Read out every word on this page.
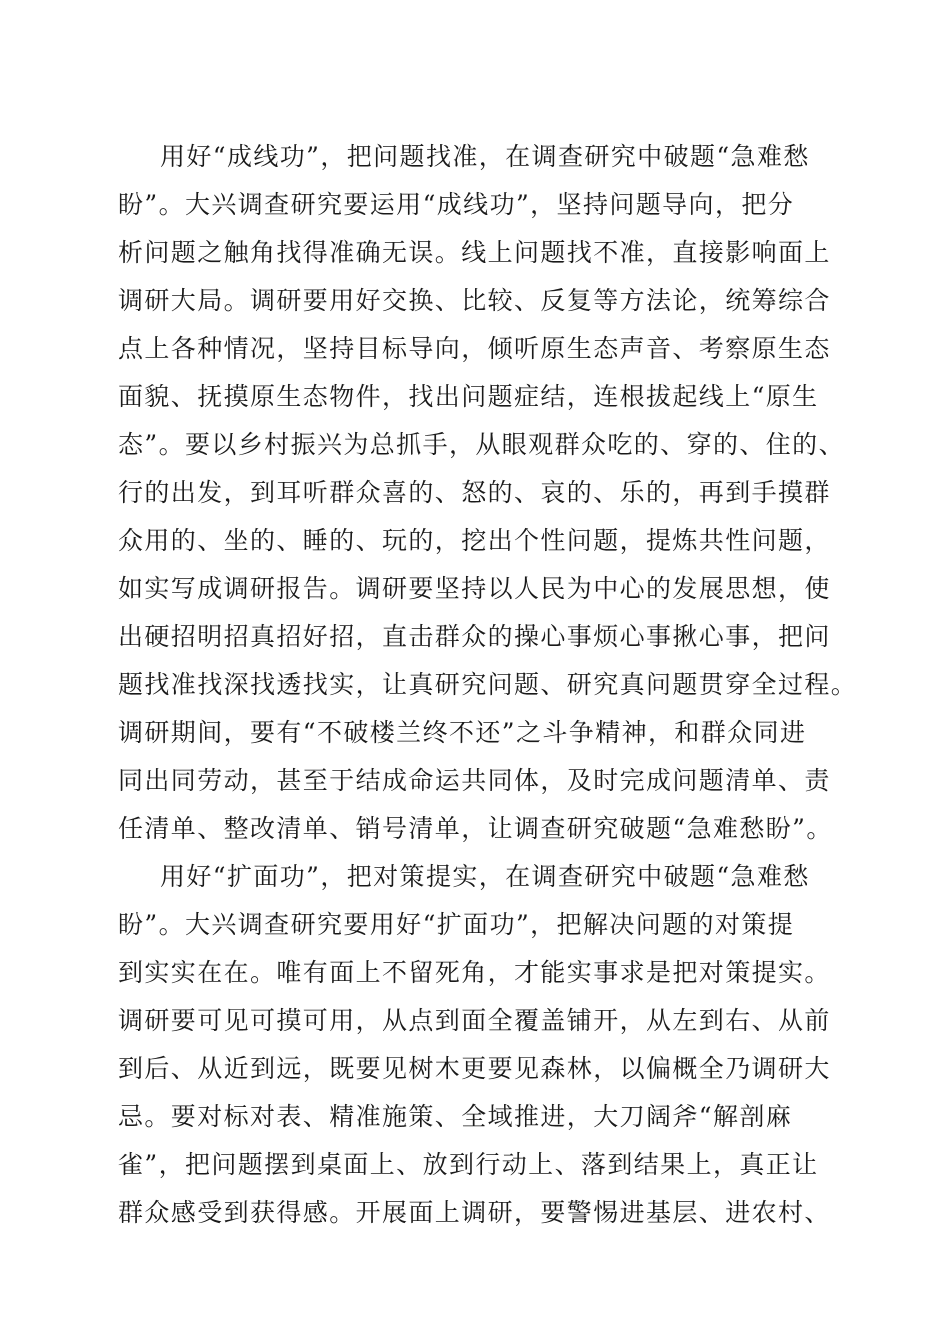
用好“成线功”，把问题找准，在调查研究中破题“急难愁
盼”。大兴调查研究要运用“成线功”，坚持问题导向，把分
析问题之触角找得准确无误。线上问题找不准，直接影响面上
调研大局。调研要用好交换、比较、反复等方法论，统筹综合
点上各种情况，坚持目标导向，倾听原生态声音、考察原生态
面貌、抚摸原生态物件，找出问题症结，连根拔起线上“原生
态”。要以乡村振兴为总抓手，从眼观群众吃的、穿的、住的、
行的出发，到耳听群众喜的、怒的、哀的、乐的，再到手摸群
众用的、坐的、睡的、玩的，挖出个性问题，提炼共性问题，
如实写成调研报告。调研要坚持以人民为中心的发展思想，使
出硬招明招真招好招，直击群众的操心事烦心事揪心事，把问
题找准找深找透找实，让真研究问题、研究真问题贯穿全过程。
调研期间，要有“不破楼兰终不还”之斗争精神，和群众同进
同出同劳动，甚至于结成命运共同体，及时完成问题清单、责
任清单、整改清单、销号清单，让调查研究破题“急难愁盼”。
用好“扩面功”，把对策提实，在调查研究中破题“急难愁
盼”。大兴调查研究要用好“扩面功”，把解决问题的对策提
到实实在在。唯有面上不留死角，才能实事求是把对策提实。
调研要可见可摸可用，从点到面全覆盖铺开，从左到右、从前
到后、从近到远，既要见树木更要见森林，以偏概全乃调研大
忌。要对标对表、精准施策、全域推进，大刀阔斧“解剖麻
雀”，把问题摆到桌面上、放到行动上、落到结果上，真正让
群众感受到获得感。开展面上调研，要警惕进基层、进农村、
